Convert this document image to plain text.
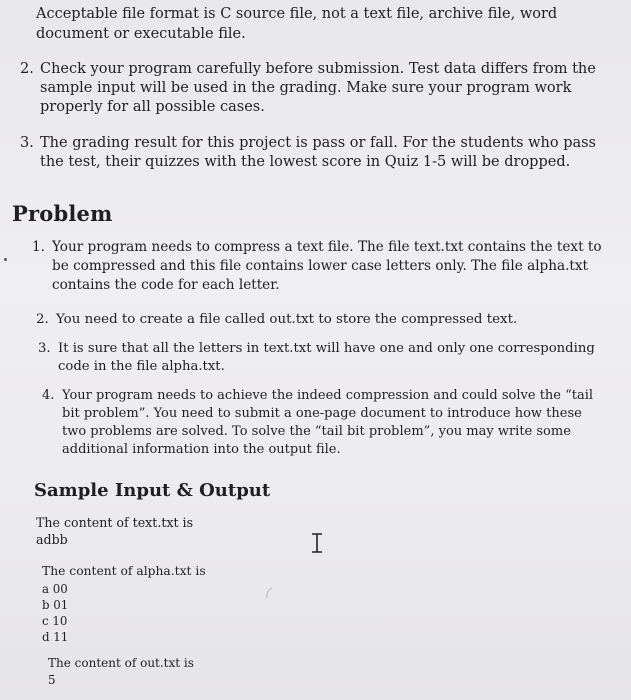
Acceptable file format is C source file, not a text file, archive file, word document or executable file.
2. Check your program carefully before submission. Test data differs from the sample input will be used in the grading. Make sure your program work properly for all possible cases.
3. The grading result for this project is pass or fall. For the students who pass the test, their quizzes with the lowest score in Quiz 1-5 will be dropped.
Problem
1. Your program needs to compress a text file. The file text.txt contains the text to be compressed and this file contains lower case letters only. The file alpha.txt contains the code for each letter.
2. You need to create a file called out.txt to store the compressed text.
3. It is sure that all the letters in text.txt will have one and only one corresponding code in the file alpha.txt.
4. Your program needs to achieve the indeed compression and could solve the “tail bit problem”. You need to submit a one-page document to introduce how these two problems are solved. To solve the “tail bit problem”, you may write some additional information into the output file.
Sample Input & Output
The content of text.txt is
adbb
The content of alpha.txt is
a 00
b 01
c 10
d 11
The content of out.txt is
5
